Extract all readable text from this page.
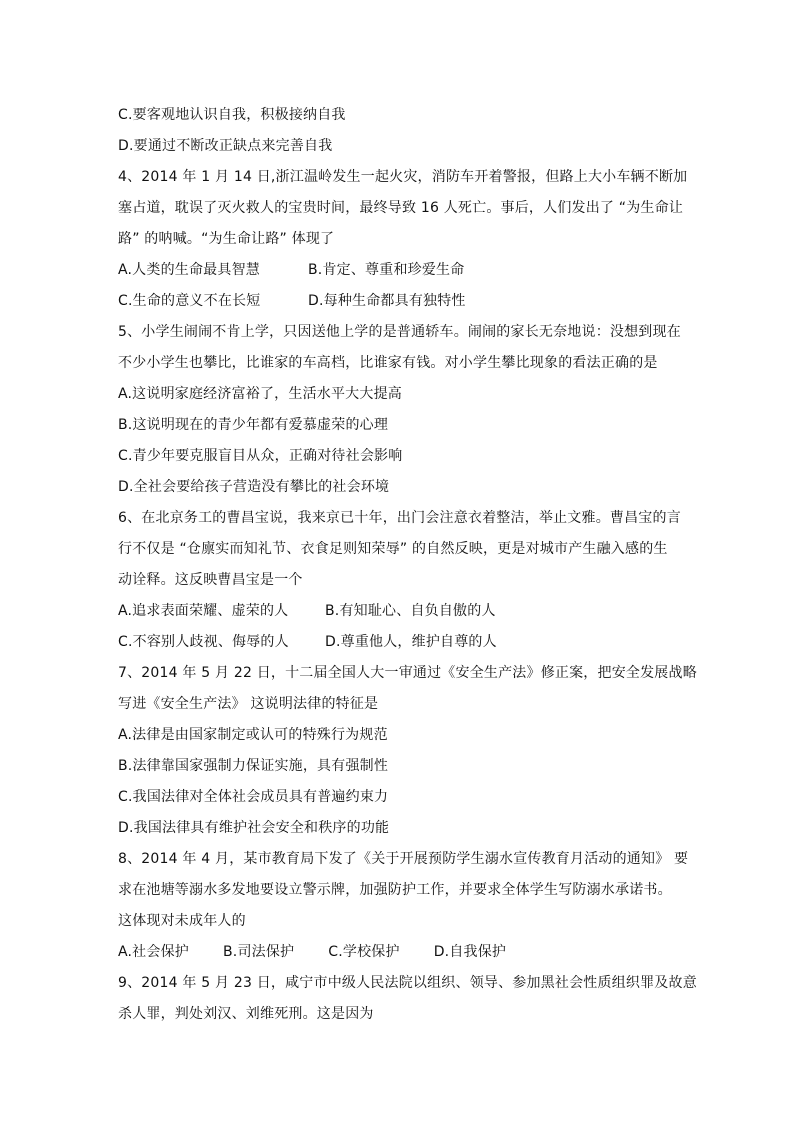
C.要客观地认识自我，积极接纳自我
D.要通过不断改正缺点来完善自我
4、2014 年 1 月 14 日,浙江温岭发生一起火灾，消防车开着警报，但路上大小车辆不断加
塞占道，耽误了灭火救人的宝贵时间，最终导致 16 人死亡。事后，人们发出了 “为生命让
路” 的呐喊。“为生命让路” 体现了
A.人类的生命最具智慧	B.肯定、尊重和珍爱生命
C.生命的意义不在长短	D.每种生命都具有独特性
5、小学生闹闹不肯上学，只因送他上学的是普通轿车。闹闹的家长无奈地说：没想到现在
不少小学生也攀比，比谁家的车高档，比谁家有钱。对小学生攀比现象的看法正确的是
A.这说明家庭经济富裕了，生活水平大大提高
B.这说明现在的青少年都有爱慕虚荣的心理
C.青少年要克服盲目从众，正确对待社会影响
D.全社会要给孩子营造没有攀比的社会环境
6、在北京务工的曹昌宝说，我来京已十年，出门会注意衣着整洁，举止文雅。曹昌宝的言
行不仅是 “仓廪实而知礼节、衣食足则知荣辱” 的自然反映，更是对城市产生融入感的生
动诠释。这反映曹昌宝是一个
A.追求表面荣耀、虚荣的人	B.有知耻心、自负自傲的人
C.不容别人歧视、侮辱的人	D.尊重他人，维护自尊的人
7、2014 年 5 月 22 日，十二届全国人大一审通过《安全生产法》修正案，把安全发展战略
写进《安全生产法》 这说明法律的特征是
A.法律是由国家制定或认可的特殊行为规范
B.法律靠国家强制力保证实施，具有强制性
C.我国法律对全体社会成员具有普遍约束力
D.我国法律具有维护社会安全和秩序的功能
8、2014 年 4 月，某市教育局下发了《关于开展预防学生溺水宣传教育月活动的通知》 要
求在池塘等溺水多发地要设立警示牌，加强防护工作，并要求全体学生写防溺水承诺书。
这体现对未成年人的
A.社会保护 B.司法保护 C.学校保护 D.自我保护
9、2014 年 5 月 23 日，咸宁市中级人民法院以组织、领导、参加黑社会性质组织罪及故意
杀人罪，判处刘汉、刘维死刑。这是因为
